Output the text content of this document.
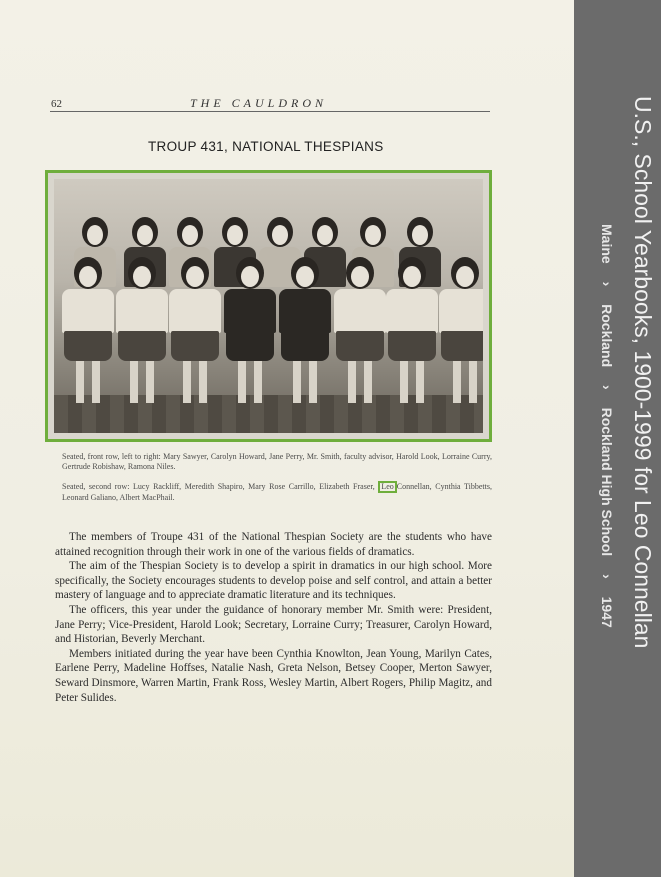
62	THE CAULDRON
TROUP 431, NATIONAL THESPIANS
Seated, front row, left to right: Mary Sawyer, Carolyn Howard, Jane Perry, Mr. Smith, faculty advisor, Harold Look, Lorraine Curry, Gertrude Robishaw, Ramona Niles.
Seated, second row: Lucy Rackliff, Meredith Shapiro, Mary Rose Carrillo, Elizabeth Fraser, Leo Connellan, Cynthia Tibbetts, Leonard Galiano, Albert MacPhail.

The members of Troupe 431 of the National Thespian Society are the students who have attained recognition through their work in one of the various fields of dramatics.

The aim of the Thespian Society is to develop a spirit in dramatics in our high school. More specifically, the Society encourages students to develop poise and self control, and attain a better mastery of language and to appreciate dramatic literature and its techniques.

The officers, this year under the guidance of honorary member Mr. Smith were: President, Jane Perry; Vice-President, Harold Look; Secretary, Lorraine Curry; Treasurer, Carolyn Howard, and Historian, Beverly Merchant.

Members initiated during the year have been Cynthia Knowlton, Jean Young, Marilyn Cates, Earlene Perry, Madeline Hoffses, Natalie Nash, Greta Nelson, Betsey Cooper, Merton Sawyer, Seward Dinsmore, Warren Martin, Frank Ross, Wesley Martin, Albert Rogers, Philip Magitz, and Peter Sulides.

U.S., School Yearbooks, 1900-1999 for Leo Connellan
Maine › Rockland › Rockland High School › 1947
